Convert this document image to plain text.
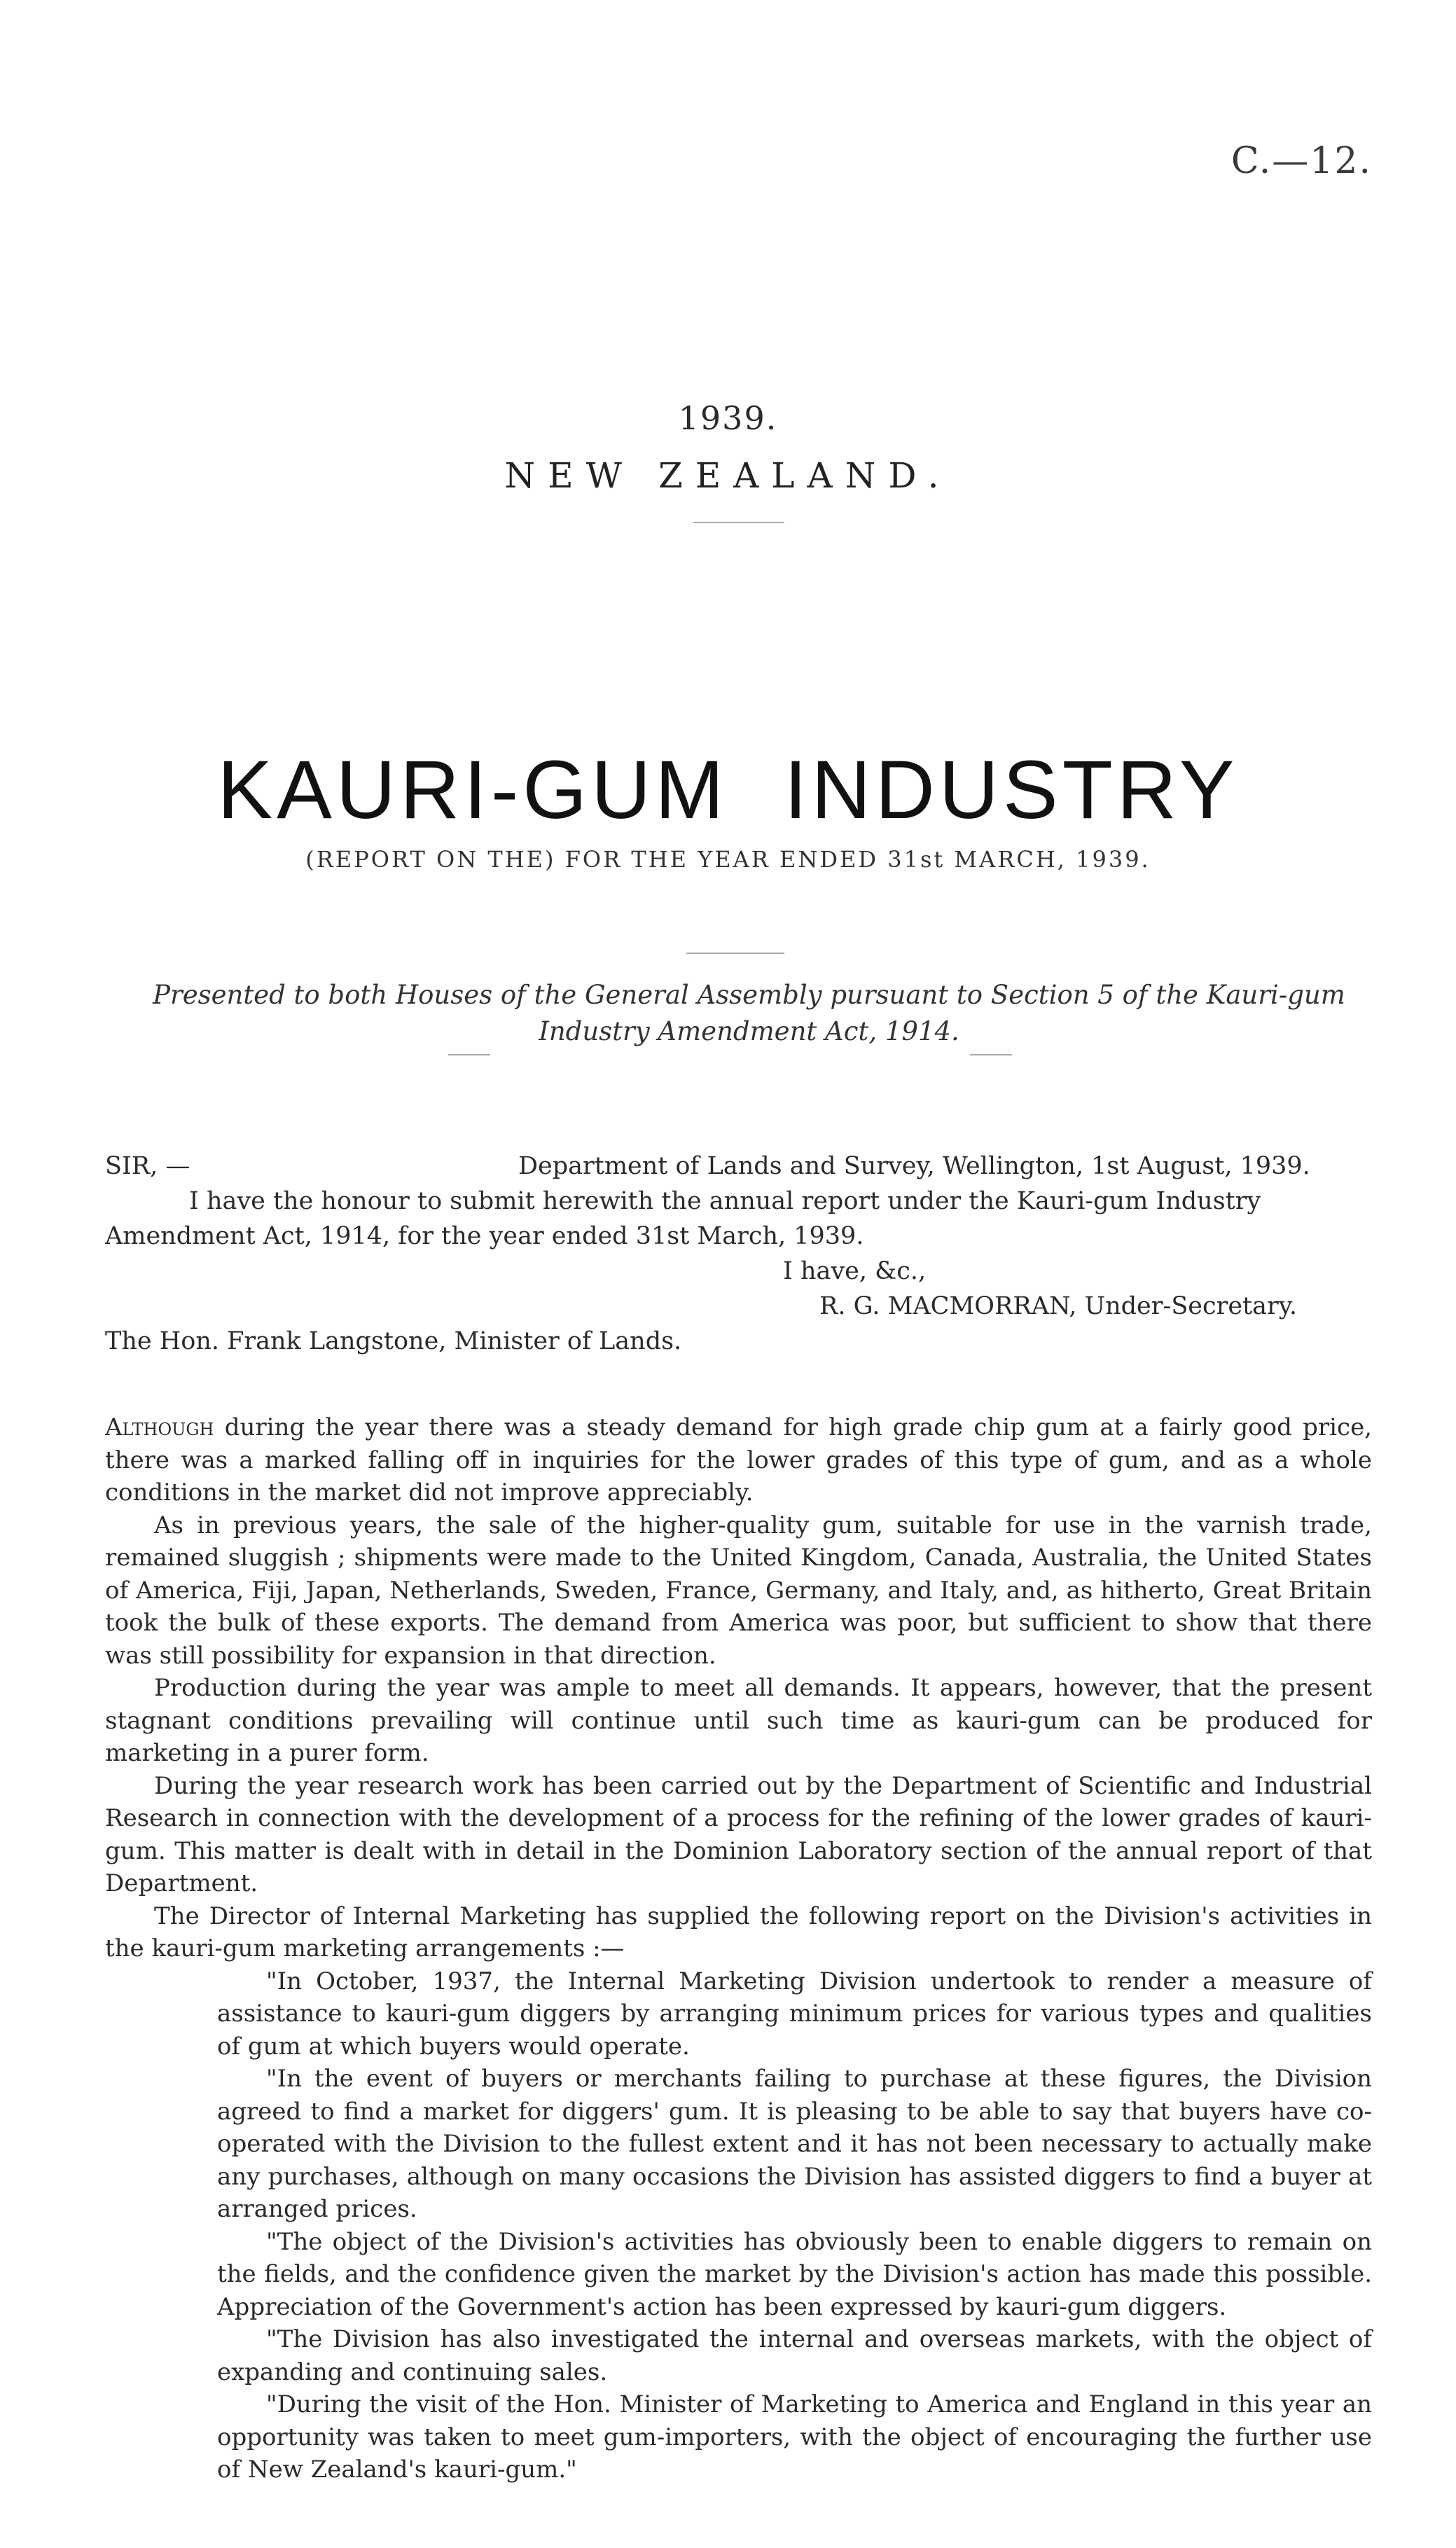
C.—12.
1939.
NEW ZEALAND.
KAURI-GUM INDUSTRY
(REPORT ON THE) FOR THE YEAR ENDED 31st MARCH, 1939.
Presented to both Houses of the General Assembly pursuant to Section 5 of the Kauri-gum Industry Amendment Act, 1914.
SIR, —	Department of Lands and Survey, Wellington, 1st August, 1939.
I have the honour to submit herewith the annual report under the Kauri-gum Industry
Amendment Act, 1914, for the year ended 31st March, 1939.
I have, &c.,
R. G. MACMORRAN, Under-Secretary.
The Hon. Frank Langstone, Minister of Lands.

Although during the year there was a steady demand for high grade chip gum at a fairly good price, there was a marked falling off in inquiries for the lower grades of this type of gum, and as a whole conditions in the market did not improve appreciably.

As in previous years, the sale of the higher-quality gum, suitable for use in the varnish trade, remained sluggish ; shipments were made to the United Kingdom, Canada, Australia, the United States of America, Fiji, Japan, Netherlands, Sweden, France, Germany, and Italy, and, as hitherto, Great Britain took the bulk of these exports. The demand from America was poor, but sufficient to show that there was still possibility for expansion in that direction.

Production during the year was ample to meet all demands. It appears, however, that the present stagnant conditions prevailing will continue until such time as kauri-gum can be produced for marketing in a purer form.

During the year research work has been carried out by the Department of Scientific and Industrial Research in connection with the development of a process for the refining of the lower grades of kauri-gum. This matter is dealt with in detail in the Dominion Laboratory section of the annual report of that Department.

The Director of Internal Marketing has supplied the following report on the Division's activities in the kauri-gum marketing arrangements :—

"In October, 1937, the Internal Marketing Division undertook to render a measure of assistance to kauri-gum diggers by arranging minimum prices for various types and qualities of gum at which buyers would operate.

"In the event of buyers or merchants failing to purchase at these figures, the Division agreed to find a market for diggers' gum. It is pleasing to be able to say that buyers have co-operated with the Division to the fullest extent and it has not been necessary to actually make any purchases, although on many occasions the Division has assisted diggers to find a buyer at arranged prices.

"The object of the Division's activities has obviously been to enable diggers to remain on the fields, and the confidence given the market by the Division's action has made this possible. Appreciation of the Government's action has been expressed by kauri-gum diggers.

"The Division has also investigated the internal and overseas markets, with the object of expanding and continuing sales.

"During the visit of the Hon. Minister of Marketing to America and England in this year an opportunity was taken to meet gum-importers, with the object of encouraging the further use of New Zealand's kauri-gum."
